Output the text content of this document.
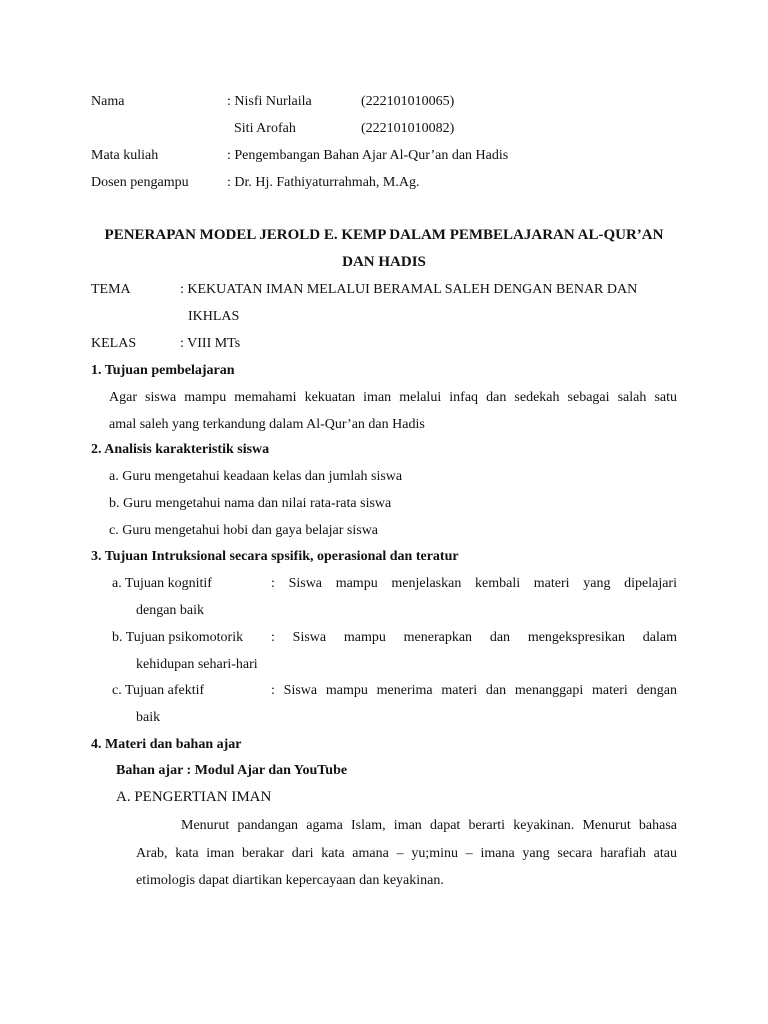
Nama	: Nisfi Nurlaila	(222101010065)
Siti Arofah	(222101010082)
Mata kuliah	: Pengembangan Bahan Ajar Al-Qur’an dan Hadis
Dosen pengampu	: Dr. Hj. Fathiyaturrahmah, M.Ag.
PENERAPAN MODEL JEROLD E. KEMP DALAM PEMBELAJARAN AL-QUR’AN
DAN HADIS
TEMA	: KEKUATAN IMAN MELALUI BERAMAL SALEH DENGAN BENAR DAN
IKHLAS
KELAS	: VIII MTs
1. Tujuan pembelajaran
Agar siswa mampu memahami kekuatan iman melalui infaq dan sedekah sebagai salah satu
amal saleh yang terkandung dalam Al-Qur’an dan Hadis
2. Analisis karakteristik siswa
a. Guru mengetahui keadaan kelas dan jumlah siswa
b. Guru mengetahui nama dan nilai rata-rata siswa
c. Guru mengetahui hobi dan gaya belajar siswa
3. Tujuan Intruksional secara spsifik, operasional dan teratur
a. Tujuan kognitif	: Siswa mampu menjelaskan kembali materi yang dipelajari
dengan baik
b. Tujuan psikomotorik : Siswa mampu menerapkan dan mengekspresikan dalam
kehidupan sehari-hari
c. Tujuan afektif	: Siswa mampu menerima materi dan menanggapi materi dengan
baik
4. Materi dan bahan ajar
Bahan ajar : Modul Ajar dan YouTube
A. PENGERTIAN IMAN
Menurut pandangan agama Islam, iman dapat berarti keyakinan. Menurut bahasa
Arab, kata iman berakar dari kata amana – yu;minu – imana yang secara harafiah atau
etimologis dapat diartikan kepercayaan dan keyakinan.
